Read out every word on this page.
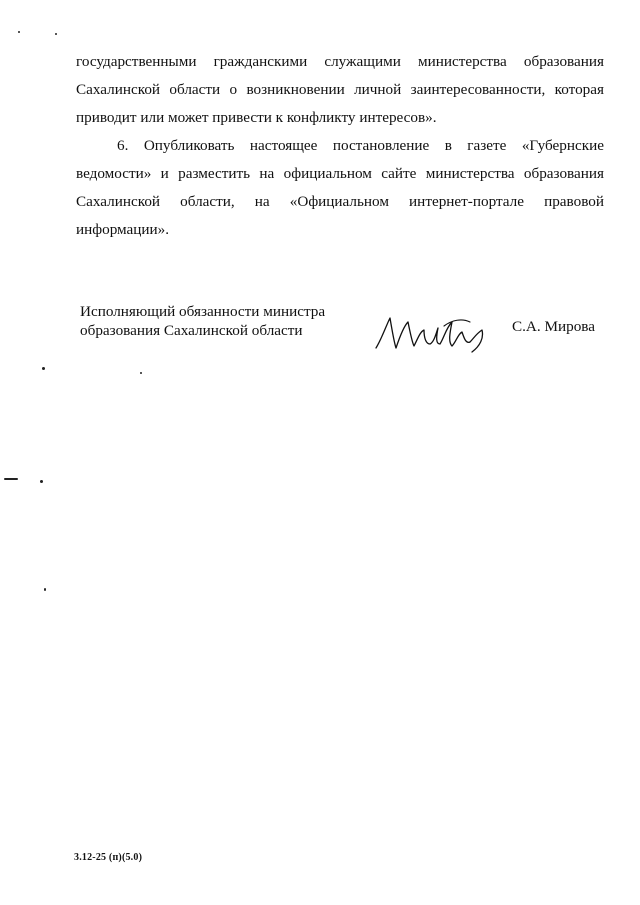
государственными гражданскими служащими министерства образования

Сахалинской области о возникновении личной заинтересованности, которая

приводит или может привести к конфликту интересов».

6. Опубликовать настоящее постановление в газете «Губернские

ведомости» и разместить на официальном сайте министерства образования

Сахалинской области, на «Официальном интернет-портале правовой

информации».

Исполняющий обязанности министра
образования Сахалинской области	С.А. Мирова
3.12-25 (п)(5.0)
